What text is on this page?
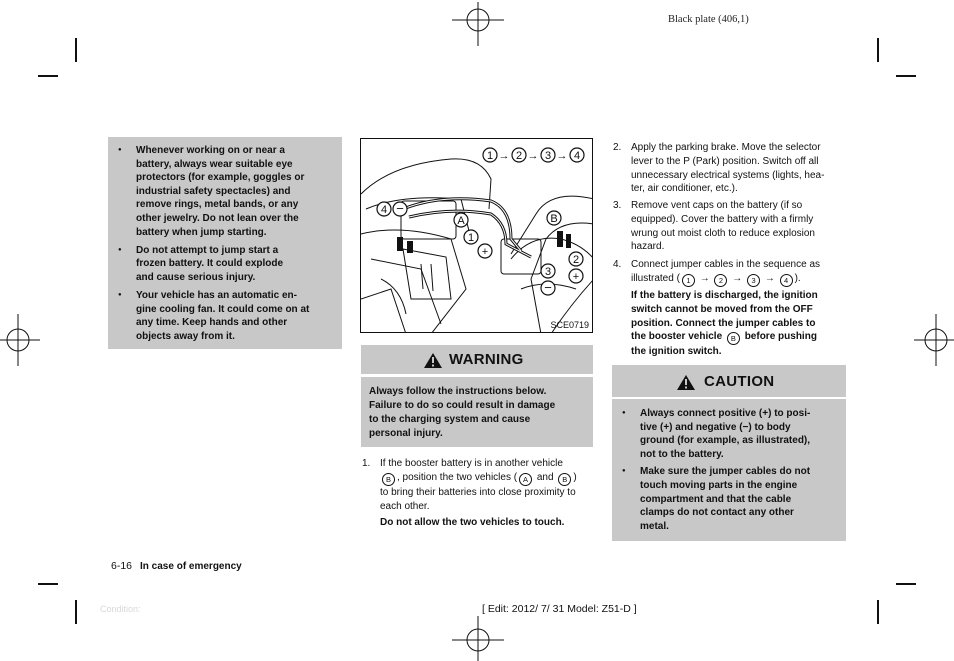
Black plate (406,1)
● Whenever working on or near a
battery, always wear suitable eye
protectors (for example, goggles or
industrial safety spectacles) and
remove rings, metal bands, or any
other jewelry. Do not lean over the
battery when jump starting.
● Do not attempt to jump start a
frozen battery. It could explode
and cause serious injury.
● Your vehicle has an automatic en-
gine cooling fan. It could come on at
any time. Keep hands and other
objects away from it.
1 → 2 → 3 → 4
4 −
A
1
+
B
3
−
2
+
SCE0719
WARNING
Always follow the instructions below.
Failure to do so could result in damage
to the charging system and cause
personal injury.
1. If the booster battery is in another vehicle
B , position the two vehicles ( A and B )
to bring their batteries into close proximity to
each other.
Do not allow the two vehicles to touch.
2. Apply the parking brake. Move the selector
lever to the P (Park) position. Switch off all
unnecessary electrical systems (lights, hea-
ter, air conditioner, etc.).
3. Remove vent caps on the battery (if so
equipped). Cover the battery with a firmly
wrung out moist cloth to reduce explosion
hazard.
4. Connect jumper cables in the sequence as
illustrated ( 1 → 2 → 3 → 4 ).
If the battery is discharged, the ignition
switch cannot be moved from the OFF
position. Connect the jumper cables to
the booster vehicle B before pushing
the ignition switch.
CAUTION
● Always connect positive (+) to posi-
tive (+) and negative (−) to body
ground (for example, as illustrated),
not to the battery.
● Make sure the jumper cables do not
touch moving parts in the engine
compartment and that the cable
clamps do not contact any other
metal.
6-16 In case of emergency
Condition:	[ Edit: 2012/ 7/ 31 Model: Z51-D ]
